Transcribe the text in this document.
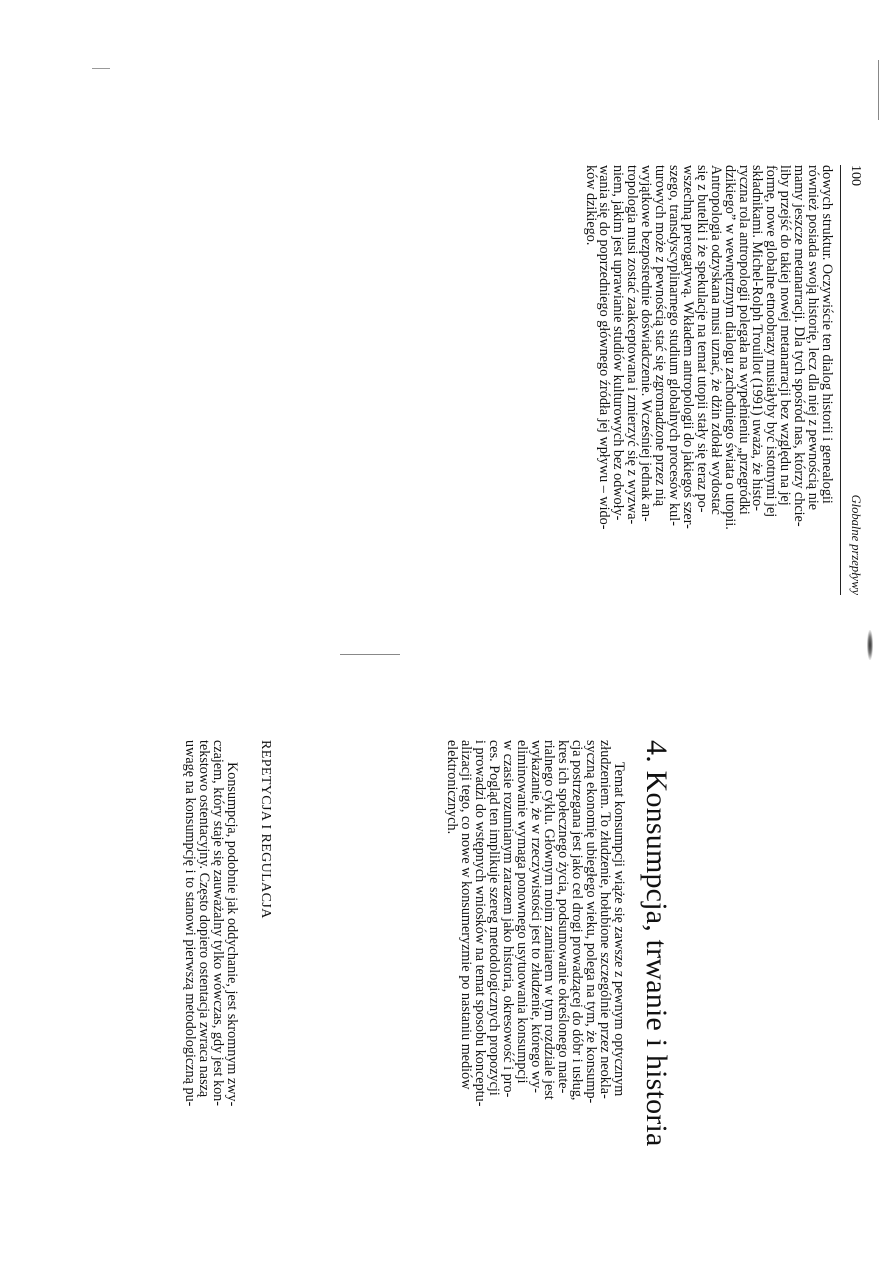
100
Globalne przepływy

dowych struktur. Oczywiście ten dialog historii i genealogii

również posiada swoją historię, lecz dla niej z pewnością nie

mamy jeszcze metanarracji. Dla tych spośród nas, którzy chcie-

liby przejść do takiej nowej metanarracji bez względu na jej

formę, nowe globalne etnoobrazy musiałyby być istotnymi jej

składnikami. Michel-Rolph Trouillot (1991) uważa, że histo-

ryczna rola antropologii polegała na wypełnieniu „przegródki

dzikiego” w wewnętrznym dialogu zachodniego świata o utopii.

Antropologia odzyskana musi uznać, że dżin zdołał wydostać

się z butelki i że spekulacje na temat utopii stały się teraz po-

wszechną prerogatywą. Wkładem antropologii do jakiegoś szer-

szego, transdyscyplinarnego studium globalnych procesów kul-

turowych może z pewnością stać się zgromadzone przez nią

wyjątkowe bezpośrednie doświadczenie. Wcześniej jednak an-

tropologia musi zostać zaakceptowana i zmierzyć się z wyzwa-

niem, jakim jest uprawianie studiów kulturowych bez odwoły-

wania się do poprzedniego głównego źródła jej wpływu – wido-

ków dzikiego.

4. Konsumpcja, trwanie i historia

Temat konsumpcji wiąże się zawsze z pewnym optycznym

złudzeniem. To złudzenie, hołubione szczególnie przez neokla-

syczną ekonomię ubiegłego wieku, polega na tym, że konsump-

cja postrzegana jest jako cel drogi prowadzącej do dóbr i usług,

kres ich społecznego życia, podsumowanie określonego mate-

rialnego cyklu. Głównym moim zamiarem w tym rozdziale jest

wykazanie, że w rzeczywistości jest to złudzenie, którego wy-

eliminowanie wymaga ponownego usytuowania konsumpcji

w czasie rozumianym zarazem jako historia, okresowość i pro-

ces. Pogląd ten implikuje szereg metodologicznych propozycji

i prowadzi do wstępnych wniosków na temat sposobu konceptu-

alizacji tego, co nowe w konsumeryzmie po nastaniu mediów

elektronicznych.

REPETYCJA I REGULACJA

Konsumpcja, podobnie jak oddychanie, jest skromnym zwy-

czajem, który staje się zauważalny tylko wówczas, gdy jest kon-

tekstowo ostentacyjny. Często dopiero ostentacja zwraca naszą

uwagę na konsumpcję i to stanowi pierwszą metodologiczną pu-
